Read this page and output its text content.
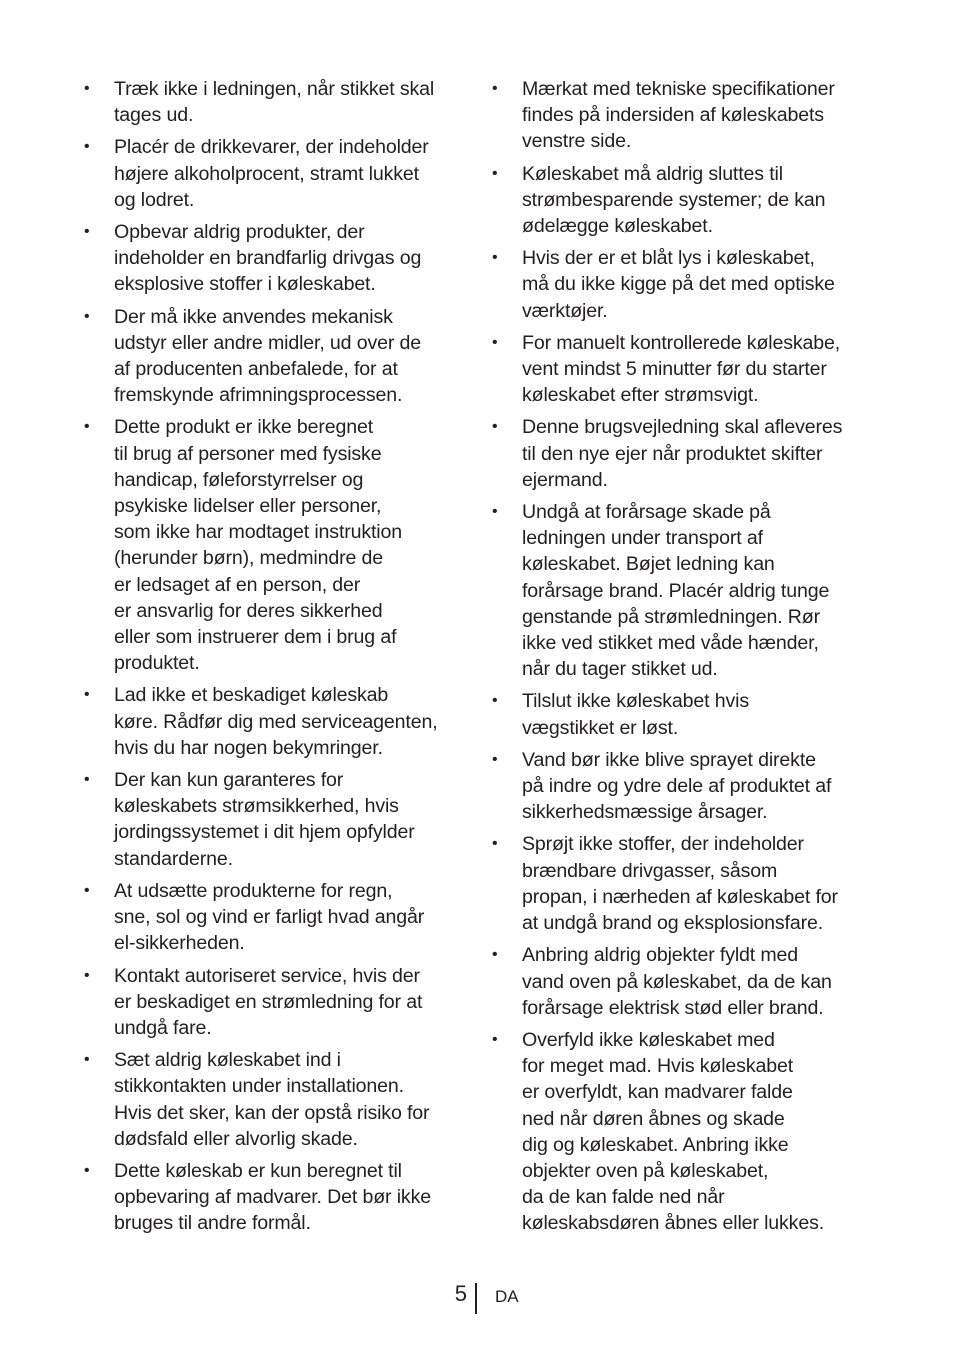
• Træk ikke i ledningen, når stikket skal
tages ud.
• Placér de drikkevarer, der indeholder
højere alkoholprocent, stramt lukket
og lodret.
• Opbevar aldrig produkter, der
indeholder en brandfarlig drivgas og
eksplosive stoffer i køleskabet.
• Der må ikke anvendes mekanisk
udstyr eller andre midler, ud over de
af producenten anbefalede, for at
fremskynde afrimningsprocessen.
• Dette produkt er ikke beregnet
til brug af personer med fysiske
handicap, føleforstyrrelser og
psykiske lidelser eller personer,
som ikke har modtaget instruktion
(herunder børn), medmindre de
er ledsaget af en person, der
er ansvarlig for deres sikkerhed
eller som instruerer dem i brug af
produktet.
• Lad ikke et beskadiget køleskab
køre. Rådfør dig med serviceagenten,
hvis du har nogen bekymringer.
• Der kan kun garanteres for
køleskabets strømsikkerhed, hvis
jordingssystemet i dit hjem opfylder
standarderne.
• At udsætte produkterne for regn,
sne, sol og vind er farligt hvad angår
el-sikkerheden.
• Kontakt autoriseret service, hvis der
er beskadiget en strømledning for at
undgå fare.
• Sæt aldrig køleskabet ind i
stikkontakten under installationen.
Hvis det sker, kan der opstå risiko for
dødsfald eller alvorlig skade.
• Dette køleskab er kun beregnet til
opbevaring af madvarer. Det bør ikke
bruges til andre formål.
• Mærkat med tekniske specifikationer
findes på indersiden af køleskabets
venstre side.
• Køleskabet må aldrig sluttes til
strømbesparende systemer; de kan
ødelægge køleskabet.
• Hvis der er et blåt lys i køleskabet,
må du ikke kigge på det med optiske
værktøjer.
• For manuelt kontrollerede køleskabe,
vent mindst 5 minutter før du starter
køleskabet efter strømsvigt.
• Denne brugsvejledning skal afleveres
til den nye ejer når produktet skifter
ejermand.
• Undgå at forårsage skade på
ledningen under transport af
køleskabet. Bøjet ledning kan
forårsage brand. Placér aldrig tunge
genstande på strømledningen. Rør
ikke ved stikket med våde hænder,
når du tager stikket ud.
• Tilslut ikke køleskabet hvis
vægstikket er løst.
• Vand bør ikke blive sprayet direkte
på indre og ydre dele af produktet af
sikkerhedsmæssige årsager.
• Sprøjt ikke stoffer, der indeholder
brændbare drivgasser, såsom
propan, i nærheden af køleskabet for
at undgå brand og eksplosionsfare.
• Anbring aldrig objekter fyldt med
vand oven på køleskabet, da de kan
forårsage elektrisk stød eller brand.
• Overfyld ikke køleskabet med
for meget mad. Hvis køleskabet
er overfyldt, kan madvarer falde
ned når døren åbnes og skade
dig og køleskabet. Anbring ikke
objekter oven på køleskabet,
da de kan falde ned når
køleskabsdøren åbnes eller lukkes.
5 DA
